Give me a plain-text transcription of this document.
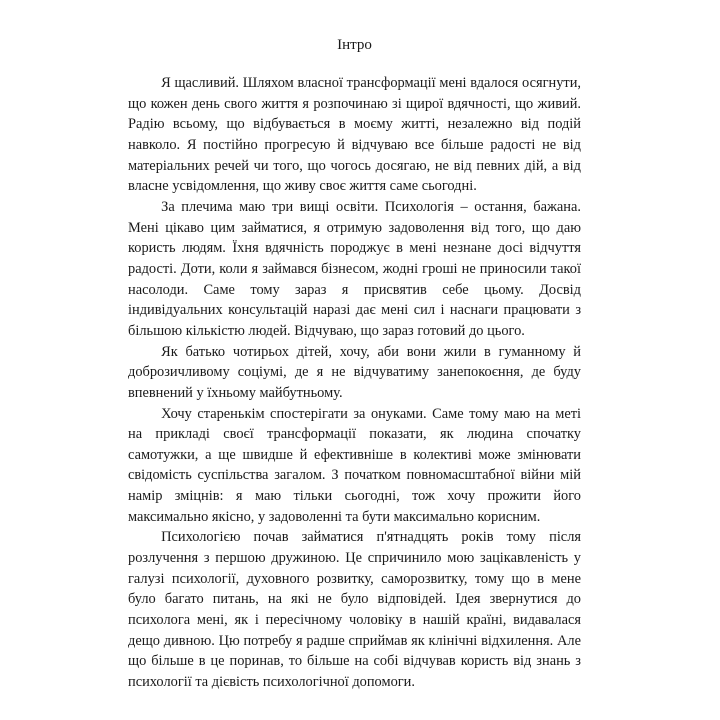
Інтро

Я щасливий. Шляхом власної трансформації мені вдалося осягнути, що кожен день свого життя я розпочинаю зі щирої вдячності, що живий. Радію всьому, що відбувається в моєму житті, незалежно від подій навколо. Я постійно прогресую й відчуваю все більше радості не від матеріальних речей чи того, що чогось досягаю, не від певних дій, а від власне усвідомлення, що живу своє життя саме сьогодні.

За плечима маю три вищі освіти. Психологія – остання, бажана. Мені цікаво цим займатися, я отримую задоволення від того, що даю користь людям. Їхня вдячність породжує в мені незнане досі відчуття радості. Доти, коли я займався бізнесом, жодні гроші не приносили такої насолоди. Саме тому зараз я присвятив себе цьому. Досвід індивідуальних консультацій наразі дає мені сил і наснаги працювати з більшою кількістю людей. Відчуваю, що зараз готовий до цього.

Як батько чотирьох дітей, хочу, аби вони жили в гуманному й доброзичливому соціумі, де я не відчуватиму занепокоєння, де буду впевнений у їхньому майбутньому.

Хочу старенькім спостерігати за онуками. Саме тому маю на меті на прикладі своєї трансформації показати, як людина спочатку самотужки, а ще швидше й ефективніше в колективі може змінювати свідомість суспільства загалом. З початком повномасштабної війни мій намір зміцнів: я маю тільки сьогодні, тож хочу прожити його максимально якісно, у задоволенні та бути максимально корисним.

Психологією почав займатися п'ятнадцять років тому після розлучення з першою дружиною. Це спричинило мою зацікавленість у галузі психології, духовного розвитку, саморозвитку, тому що в мене було багато питань, на які не було відповідей. Ідея звернутися до психолога мені, як і пересічному чоловіку в нашій країні, видавалася дещо дивною. Цю потребу я радше сприймав як клінічні відхилення. Але що більше в це поринав, то більше на собі відчував користь від знань з психології та дієвість психологічної допомоги.
